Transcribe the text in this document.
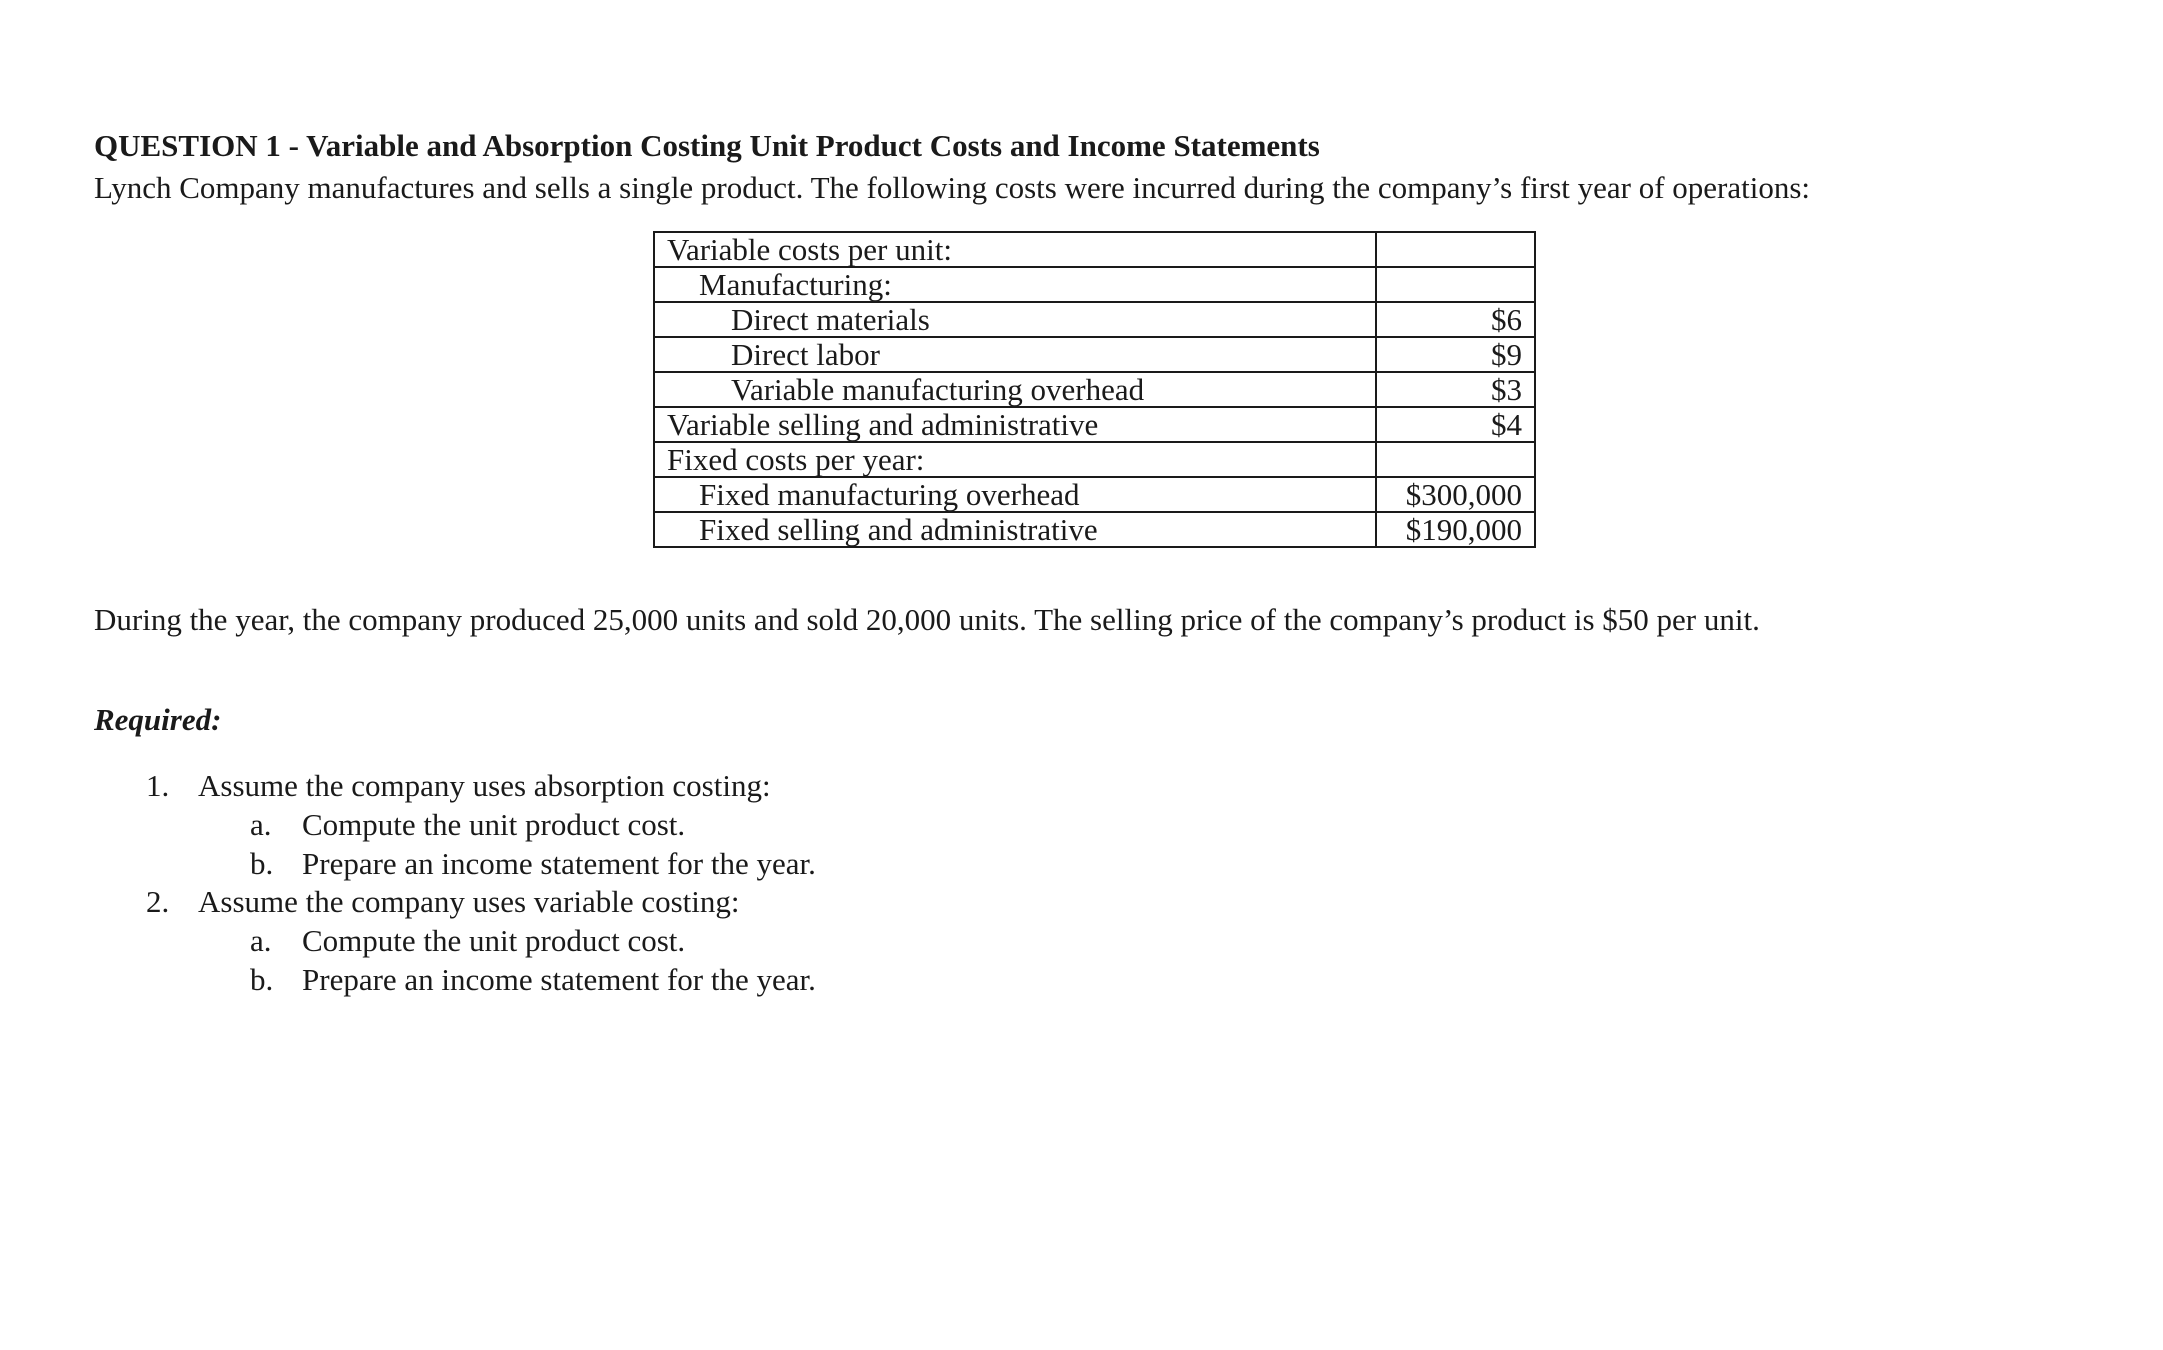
QUESTION 1 - Variable and Absorption Costing Unit Product Costs and Income Statements
Lynch Company manufactures and sells a single product. The following costs were incurred during the company’s first year of operations:
Variable costs per unit:	
Manufacturing:	
Direct materials	$6
Direct labor	$9
Variable manufacturing overhead	$3
Variable selling and administrative	$4
Fixed costs per year:	
Fixed manufacturing overhead	$300,000
Fixed selling and administrative	$190,000
During the year, the company produced 25,000 units and sold 20,000 units. The selling price of the company’s product is $50 per unit.
Required:
1. Assume the company uses absorption costing:
a. Compute the unit product cost.
b. Prepare an income statement for the year.
2. Assume the company uses variable costing:
a. Compute the unit product cost.
b. Prepare an income statement for the year.
